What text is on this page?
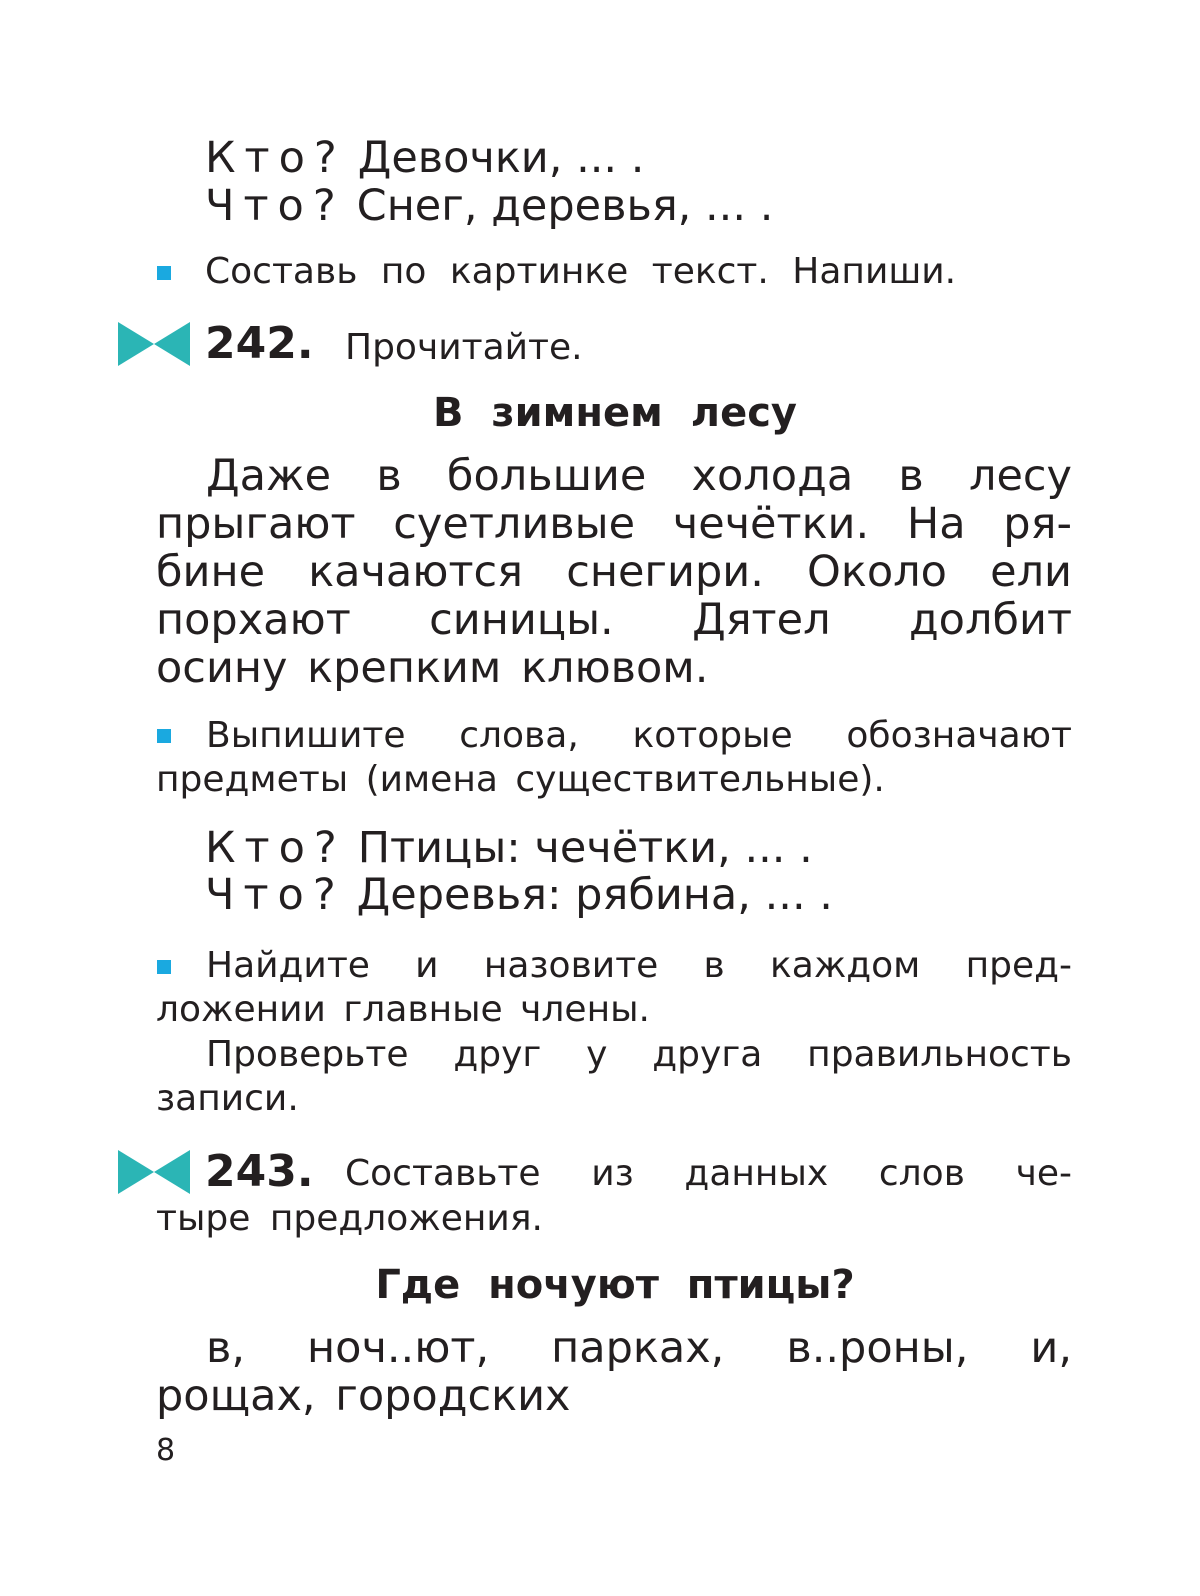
Кто? Девочки, ... .
Что? Снег, деревья, ... .
Составь по картинке текст. Напиши.
242. Прочитайте.
В зимнем лесу
Даже в большие холода в лесу
прыгают суетливые чечётки. На ря-
бине качаются снегири. Около ели
порхают синицы. Дятел долбит
осину крепким клювом.
Выпишите слова, которые обозначают
предметы (имена существительные).
Кто? Птицы: чечётки, ... .
Что? Деревья: рябина, ... .
Найдите и назовите в каждом пред-
ложении главные члены.
Проверьте друг у друга правильность
записи.
243. Составьте из данных слов че-
тыре предложения.
Где ночуют птицы?
в, ноч..ют, парках, в..роны, и,
рощах, городских
8
